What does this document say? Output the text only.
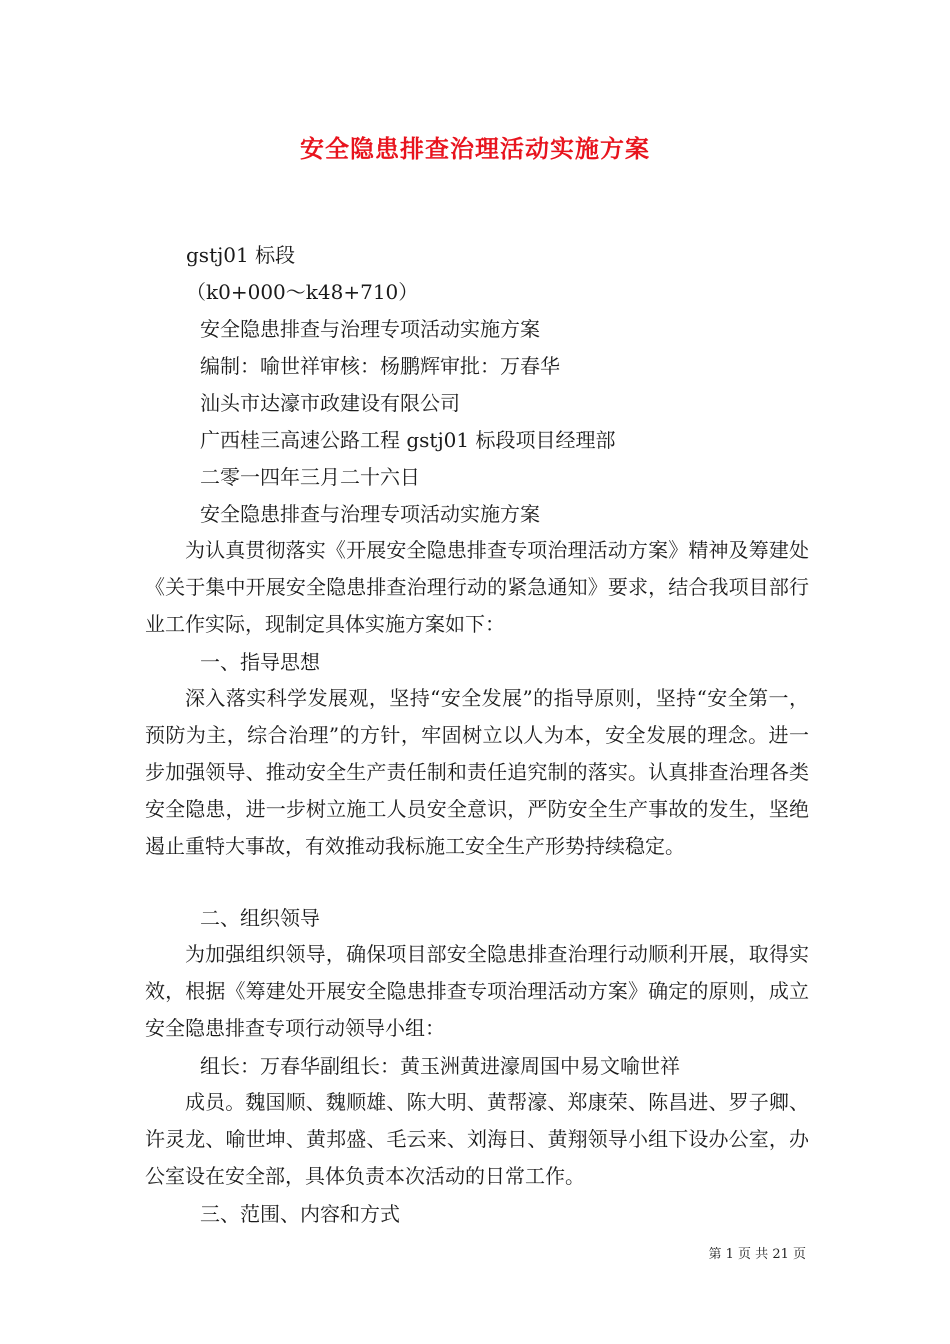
安全隐患排查治理活动实施方案
gstj01 标段
（k0+000～k48+710）
安全隐患排查与治理专项活动实施方案
编制：喻世祥审核：杨鹏辉审批：万春华
汕头市达濠市政建设有限公司
广西桂三高速公路工程 gstj01 标段项目经理部
二零一四年三月二十六日
安全隐患排查与治理专项活动实施方案

为认真贯彻落实《开展安全隐患排查专项治理活动方案》精神及筹建处《关于集中开展安全隐患排查治理行动的紧急通知》要求，结合我项目部行业工作实际，现制定具体实施方案如下：

一、指导思想

深入落实科学发展观，坚持“安全发展”的指导原则，坚持“安全第一，预防为主，综合治理”的方针，牢固树立以人为本，安全发展的理念。进一步加强领导、推动安全生产责任制和责任追究制的落实。认真排查治理各类安全隐患，进一步树立施工人员安全意识，严防安全生产事故的发生，坚绝遏止重特大事故，有效推动我标施工安全生产形势持续稳定。

二、组织领导

为加强组织领导，确保项目部安全隐患排查治理行动顺利开展，取得实效，根据《筹建处开展安全隐患排查专项治理活动方案》确定的原则，成立安全隐患排查专项行动领导小组：

组长：万春华副组长：黄玉洲黄进濠周国中易文喻世祥

成员。魏国顺、魏顺雄、陈大明、黄帮濠、郑康荣、陈昌进、罗子卿、许灵龙、喻世坤、黄邦盛、毛云来、刘海日、黄翔领导小组下设办公室，办公室设在安全部，具体负责本次活动的日常工作。

三、范围、内容和方式
第 1 页 共 21 页
